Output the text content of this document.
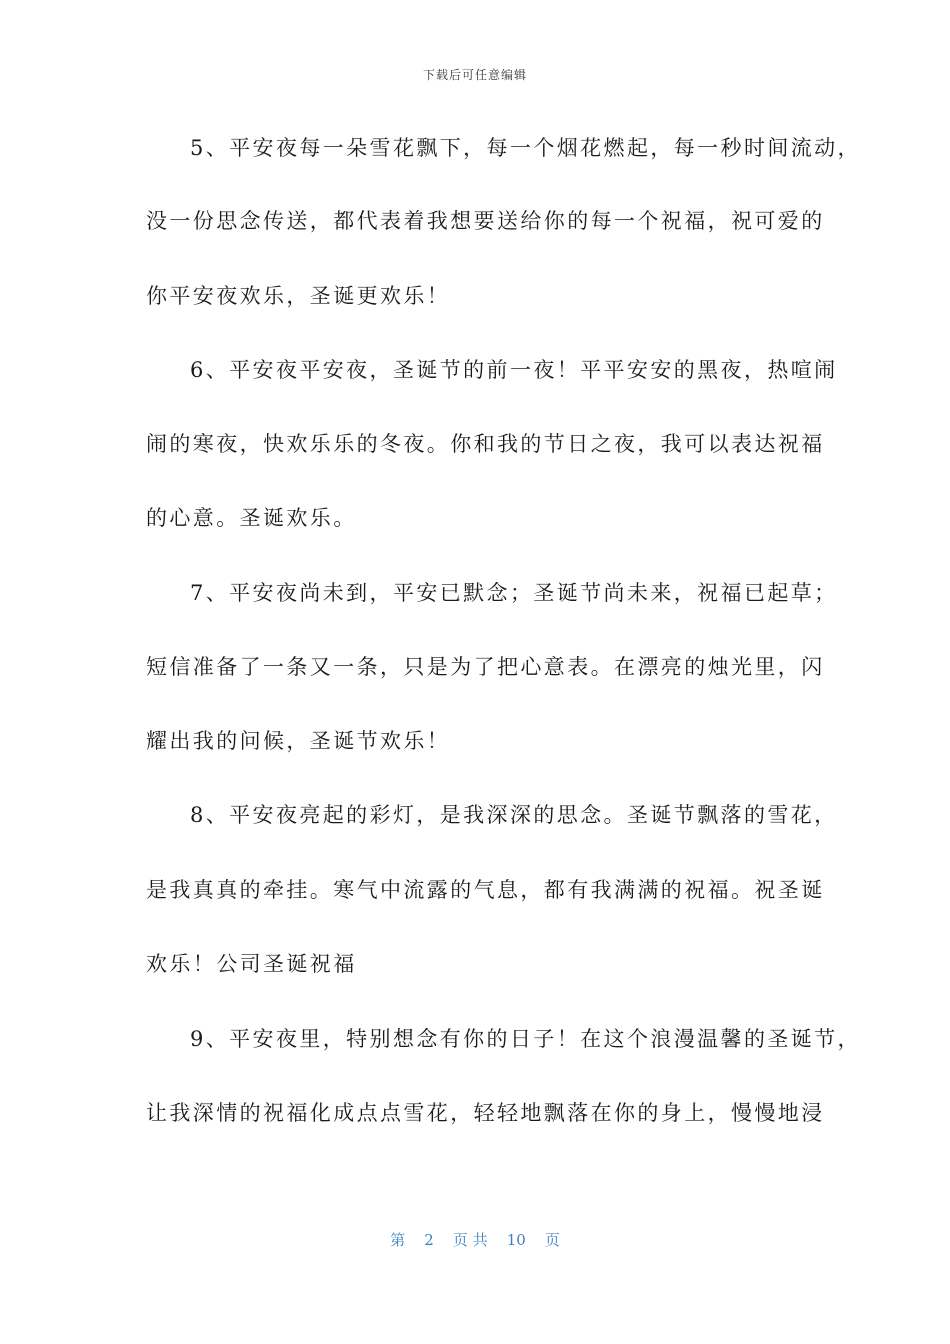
下载后可任意编辑
5、平安夜每一朵雪花飘下，每一个烟花燃起，每一秒时间流动，
没一份思念传送，都代表着我想要送给你的每一个祝福，祝可爱的
你平安夜欢乐，圣诞更欢乐！
6、平安夜平安夜，圣诞节的前一夜！平平安安的黑夜，热喧闹
闹的寒夜，快欢乐乐的冬夜。你和我的节日之夜，我可以表达祝福
的心意。圣诞欢乐。
7、平安夜尚未到，平安已默念；圣诞节尚未来，祝福已起草；
短信准备了一条又一条，只是为了把心意表。在漂亮的烛光里，闪
耀出我的问候，圣诞节欢乐！
8、平安夜亮起的彩灯，是我深深的思念。圣诞节飘落的雪花，
是我真真的牵挂。寒气中流露的气息，都有我满满的祝福。祝圣诞
欢乐！公司圣诞祝福
9、平安夜里，特别想念有你的日子！在这个浪漫温馨的圣诞节，
让我深情的祝福化成点点雪花，轻轻地飘落在你的身上，慢慢地浸
第 2 页 共 10 页
